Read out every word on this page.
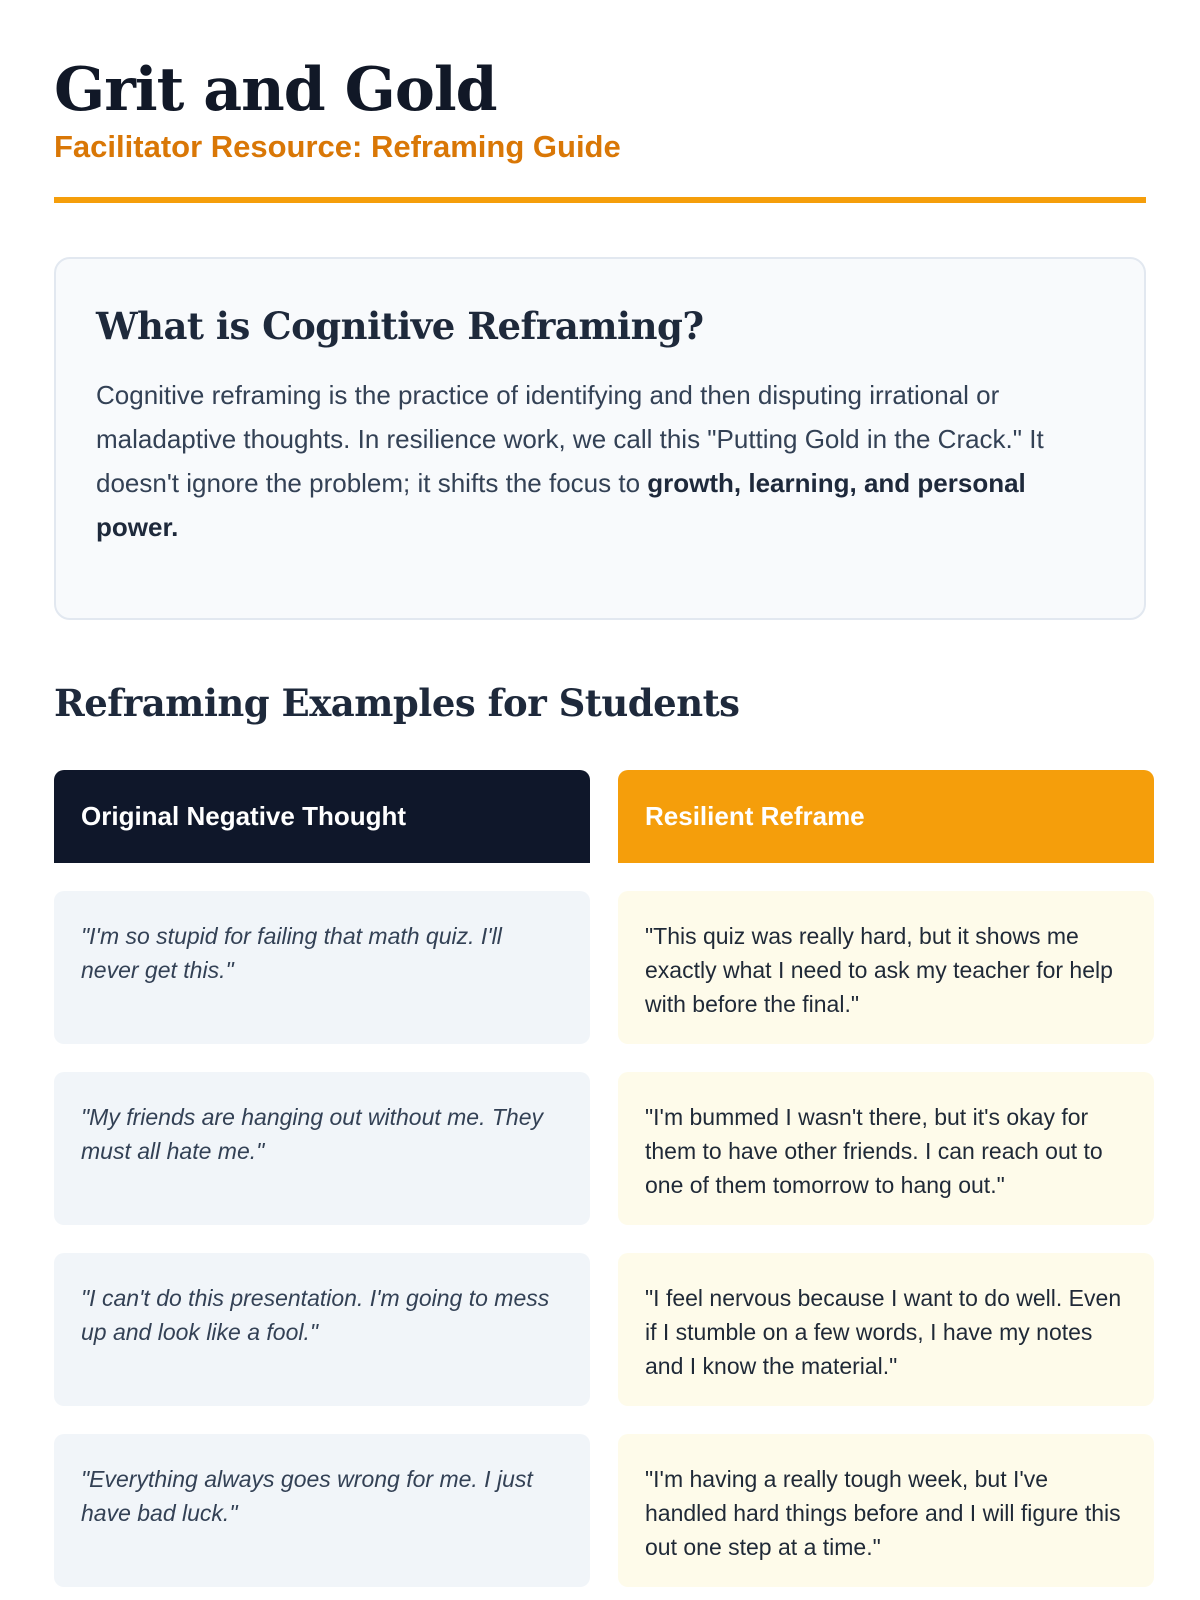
Grit and Gold
Facilitator Resource: Reframing Guide
What is Cognitive Reframing?

Cognitive reframing is the practice of identifying and then disputing irrational or maladaptive thoughts. In resilience work, we call this "Putting Gold in the Crack." It doesn't ignore the problem; it shifts the focus to growth, learning, and personal power.

Reframing Examples for Students
Original Negative Thought	Resilient Reframe
"I'm so stupid for failing that math quiz. I'll never get this."
"This quiz was really hard, but it shows me exactly what I need to ask my teacher for help with before the final."
"My friends are hanging out without me. They must all hate me."
"I'm bummed I wasn't there, but it's okay for them to have other friends. I can reach out to one of them tomorrow to hang out."
"I can't do this presentation. I'm going to mess up and look like a fool."
"I feel nervous because I want to do well. Even if I stumble on a few words, I have my notes and I know the material."
"Everything always goes wrong for me. I just have bad luck."
"I'm having a really tough week, but I've handled hard things before and I will figure this out one step at a time."
